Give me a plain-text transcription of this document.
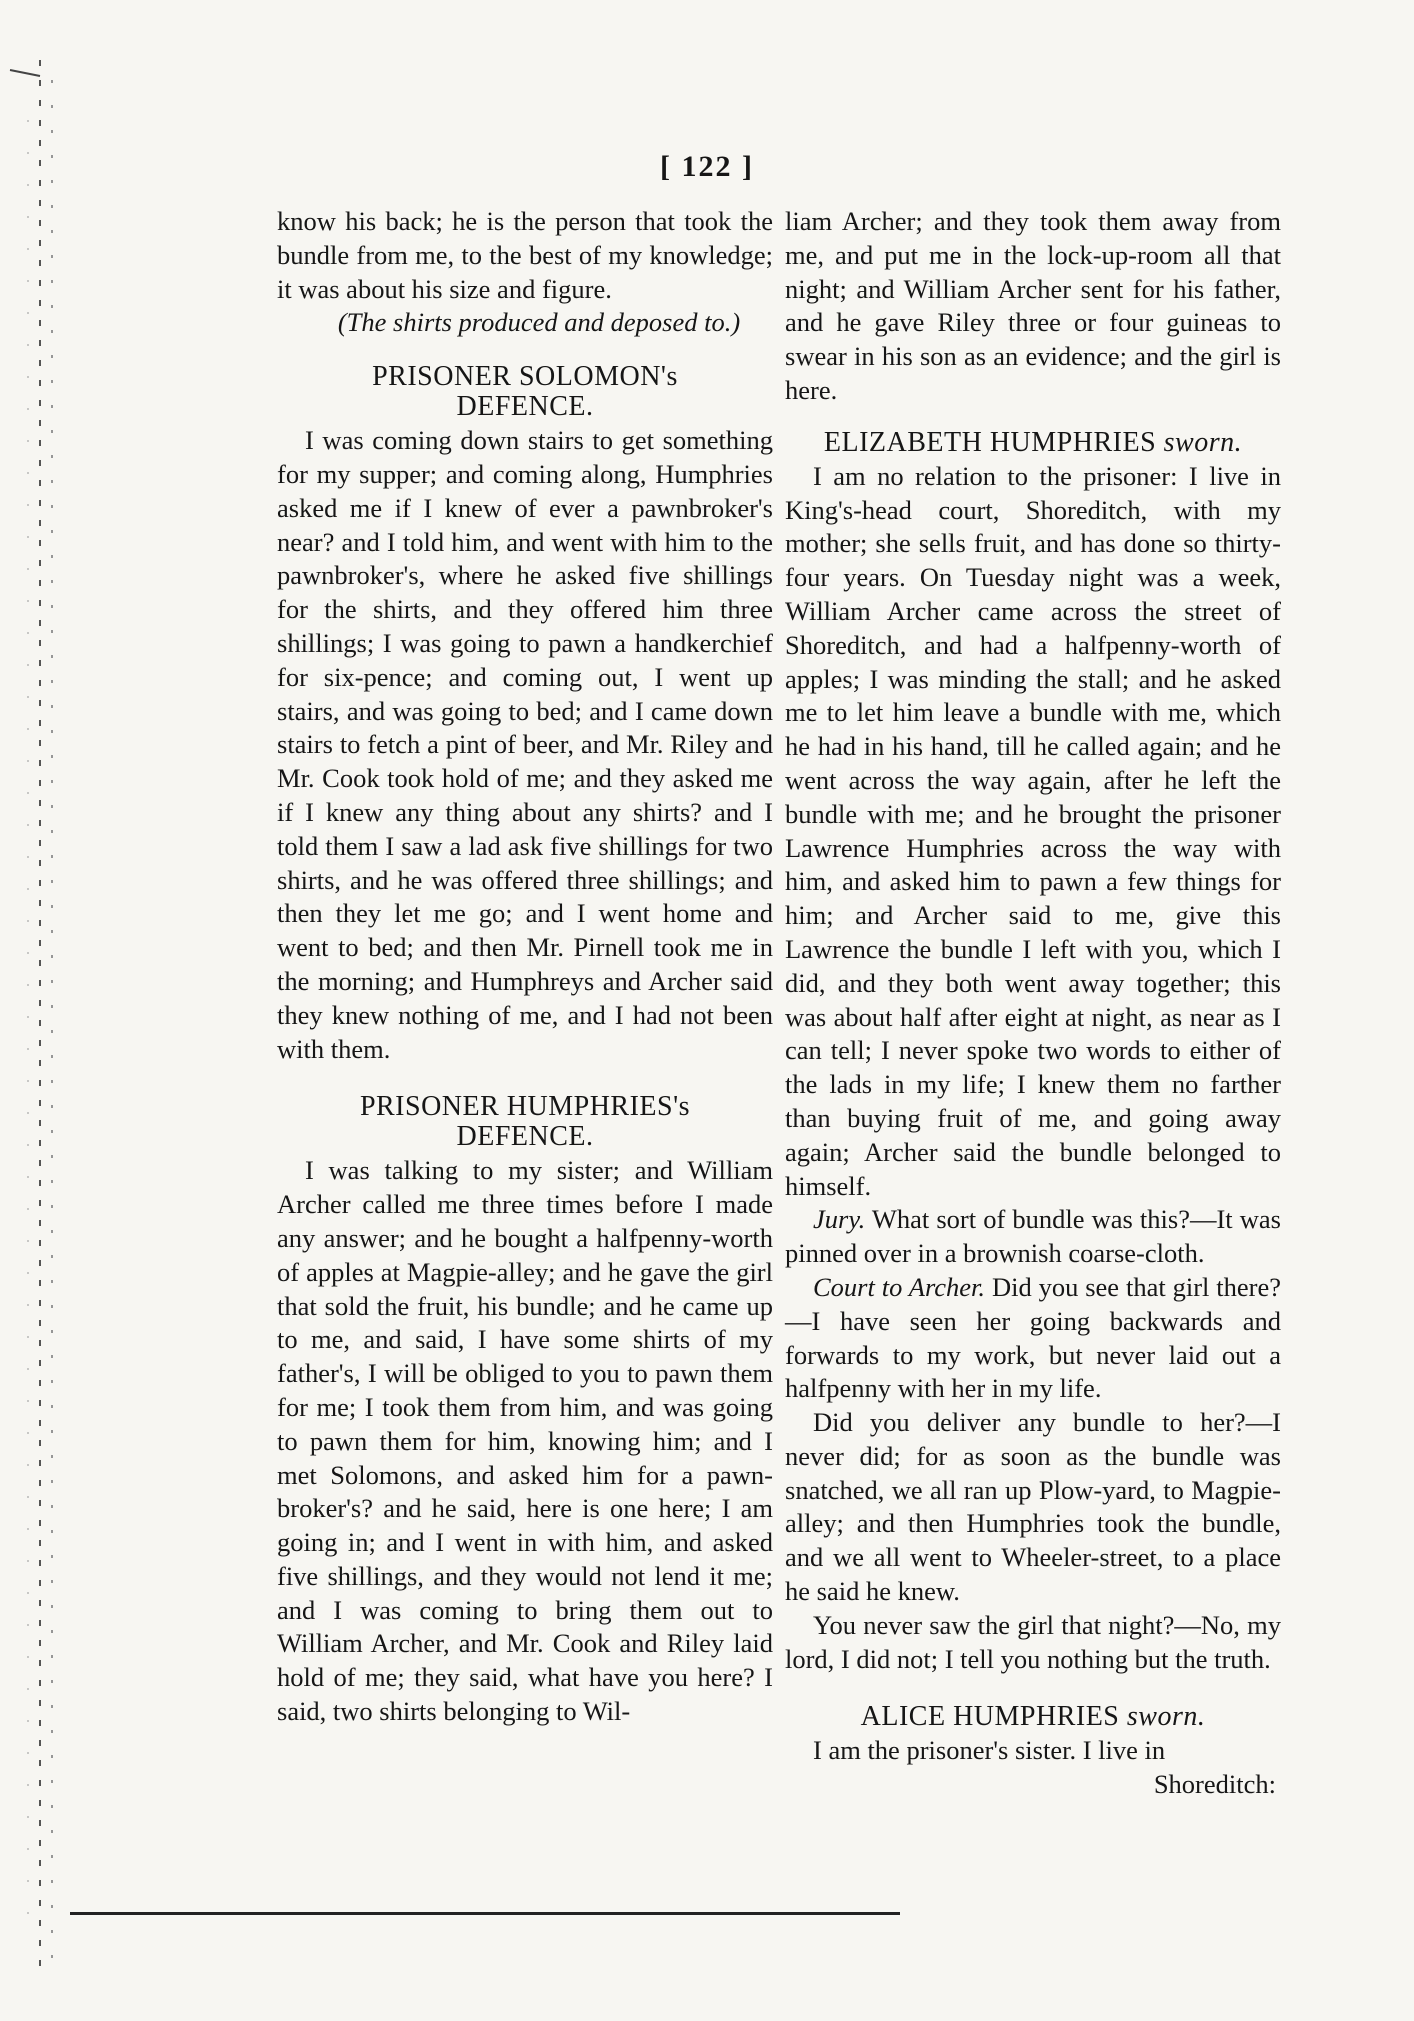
[ 122 ]

know his back; he is the person that took the bundle from me, to the best of my knowledge; it was about his size and figure.

(The shirts produced and deposed to.)

PRISONER SOLOMON's
DEFENCE.

I was coming down stairs to get something for my supper; and coming along, Humphries asked me if I knew of ever a pawnbroker's near? and I told him, and went with him to the pawnbroker's, where he asked five shillings for the shirts, and they offered him three shillings; I was going to pawn a handkerchief for six-pence; and coming out, I went up stairs, and was going to bed; and I came down stairs to fetch a pint of beer, and Mr. Riley and Mr. Cook took hold of me; and they asked me if I knew any thing about any shirts? and I told them I saw a lad ask five shillings for two shirts, and he was offered three shillings; and then they let me go; and I went home and went to bed; and then Mr. Pirnell took me in the morning; and Humphreys and Archer said they knew nothing of me, and I had not been with them.

PRISONER HUMPHRIES's
DEFENCE.

I was talking to my sister; and William Archer called me three times before I made any answer; and he bought a halfpenny-worth of apples at Magpie-alley; and he gave the girl that sold the fruit, his bundle; and he came up to me, and said, I have some shirts of my father's, I will be obliged to you to pawn them for me; I took them from him, and was going to pawn them for him, knowing him; and I met Solomons, and asked him for a pawn-broker's? and he said, here is one here; I am going in; and I went in with him, and asked five shillings, and they would not lend it me; and I was coming to bring them out to William Archer, and Mr. Cook and Riley laid hold of me; they said, what have you here? I said, two shirts belonging to Wil-

liam Archer; and they took them away from me, and put me in the lock-up-room all that night; and William Archer sent for his father, and he gave Riley three or four guineas to swear in his son as an evidence; and the girl is here.

ELIZABETH HUMPHRIES sworn.

I am no relation to the prisoner: I live in King's-head court, Shoreditch, with my mother; she sells fruit, and has done so thirty-four years. On Tuesday night was a week, William Archer came across the street of Shoreditch, and had a halfpenny-worth of apples; I was minding the stall; and he asked me to let him leave a bundle with me, which he had in his hand, till he called again; and he went across the way again, after he left the bundle with me; and he brought the prisoner Lawrence Humphries across the way with him, and asked him to pawn a few things for him; and Archer said to me, give this Lawrence the bundle I left with you, which I did, and they both went away together; this was about half after eight at night, as near as I can tell; I never spoke two words to either of the lads in my life; I knew them no farther than buying fruit of me, and going away again; Archer said the bundle belonged to himself.

Jury. What sort of bundle was this?—It was pinned over in a brownish coarse-cloth.

Court to Archer. Did you see that girl there?—I have seen her going backwards and forwards to my work, but never laid out a halfpenny with her in my life.

Did you deliver any bundle to her?—I never did; for as soon as the bundle was snatched, we all ran up Plow-yard, to Magpie-alley; and then Humphries took the bundle, and we all went to Wheeler-street, to a place he said he knew.

You never saw the girl that night?—No, my lord, I did not; I tell you nothing but the truth.

ALICE HUMPHRIES sworn.

I am the prisoner's sister. I live in

Shoreditch:
